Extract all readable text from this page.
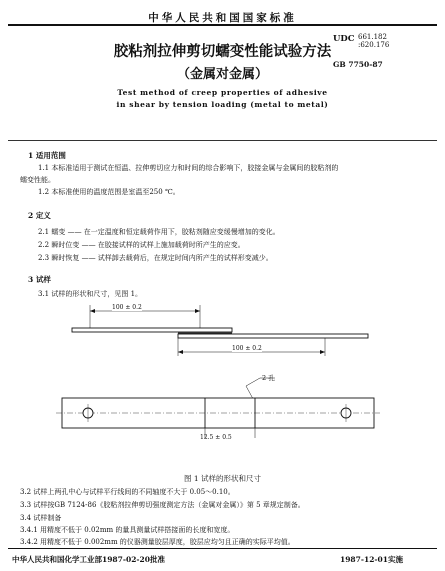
中华人民共和国国家标准
UDC 661.182
:620.176
GB 7750-87
胶粘剂拉伸剪切蠕变性能试验方法
（金属对金属）
Test method of creep properties of adhesive
in shear by tension loading (metal to metal)
1 适用范围
1.1 本标准适用于测试在恒温、拉伸剪切应力和时间的综合影响下，胶接金属与金属间的胶粘剂的
蠕变性能。
1.2 本标准使用的温度范围是室温至250 ℃。
2 定义
2.1 蠕变 —— 在一定温度和恒定载荷作用下，胶粘剂随应变缓慢增加的变化。
2.2 瞬时位变 —— 在胶接试样的试样上施加载荷时所产生的应变。
2.3 瞬时恢复 —— 试样卸去载荷后，在规定时间内所产生的试样形变减少。
3 试样
3.1 试样的形状和尺寸，见图 1。
100 ± 0.2
100 ± 0.2
2 孔
12.5 ± 0.5
图 1 试样的形状和尺寸
3.2 试样上两孔中心与试样平行线间的不同轴度不大于 0.05～0.10。
3.3 试样按GB 7124-86《胶粘剂拉伸剪切强度测定方法（金属对金属）》第 5 章规定制备。
3.4 试样制备
3.4.1 用精度不低于 0.02mm 的量具测量试样搭接面的长度和宽度。
3.4.2 用精度不低于 0.002mm 的仪器测量胶层厚度，胶层应均匀且正确的实际平均值。
中华人民共和国化学工业部1987-02-20批准	1987-12-01实施
